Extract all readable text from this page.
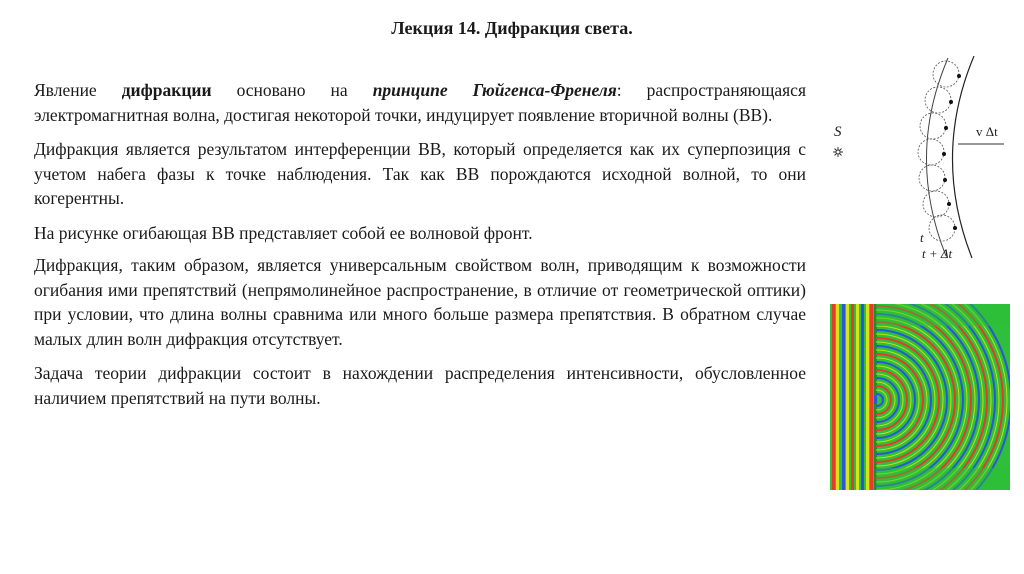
Лекция 14. Дифракция света.

Явление дифракции основано на принципе Гюйгенса-Френеля: распространяющаяся электромагнитная волна, достигая некоторой точки, индуцирует появление вторичной волны (ВВ).

Дифракция является результатом интерференции ВВ, который определяется как их суперпозиция с учетом набега фазы к точке наблюдения. Так как ВВ порождаются исходной волной, то они когерентны.

На рисунке огибающая ВВ представляет собой ее волновой фронт.

Дифракция, таким образом, является универсальным свойством волн, приводящим к возможности огибания ими препятствий (непрямолинейное распространение, в отличие от геометрической оптики) при условии, что длина волны сравнима или много больше размера препятствия. В обратном случае малых длин волн дифракция отсутствует.

Задача теории дифракции состоит в нахождении распределения интенсивности, обусловленное наличием препятствий на пути волны.

S	v Δt
t
t + Δt
